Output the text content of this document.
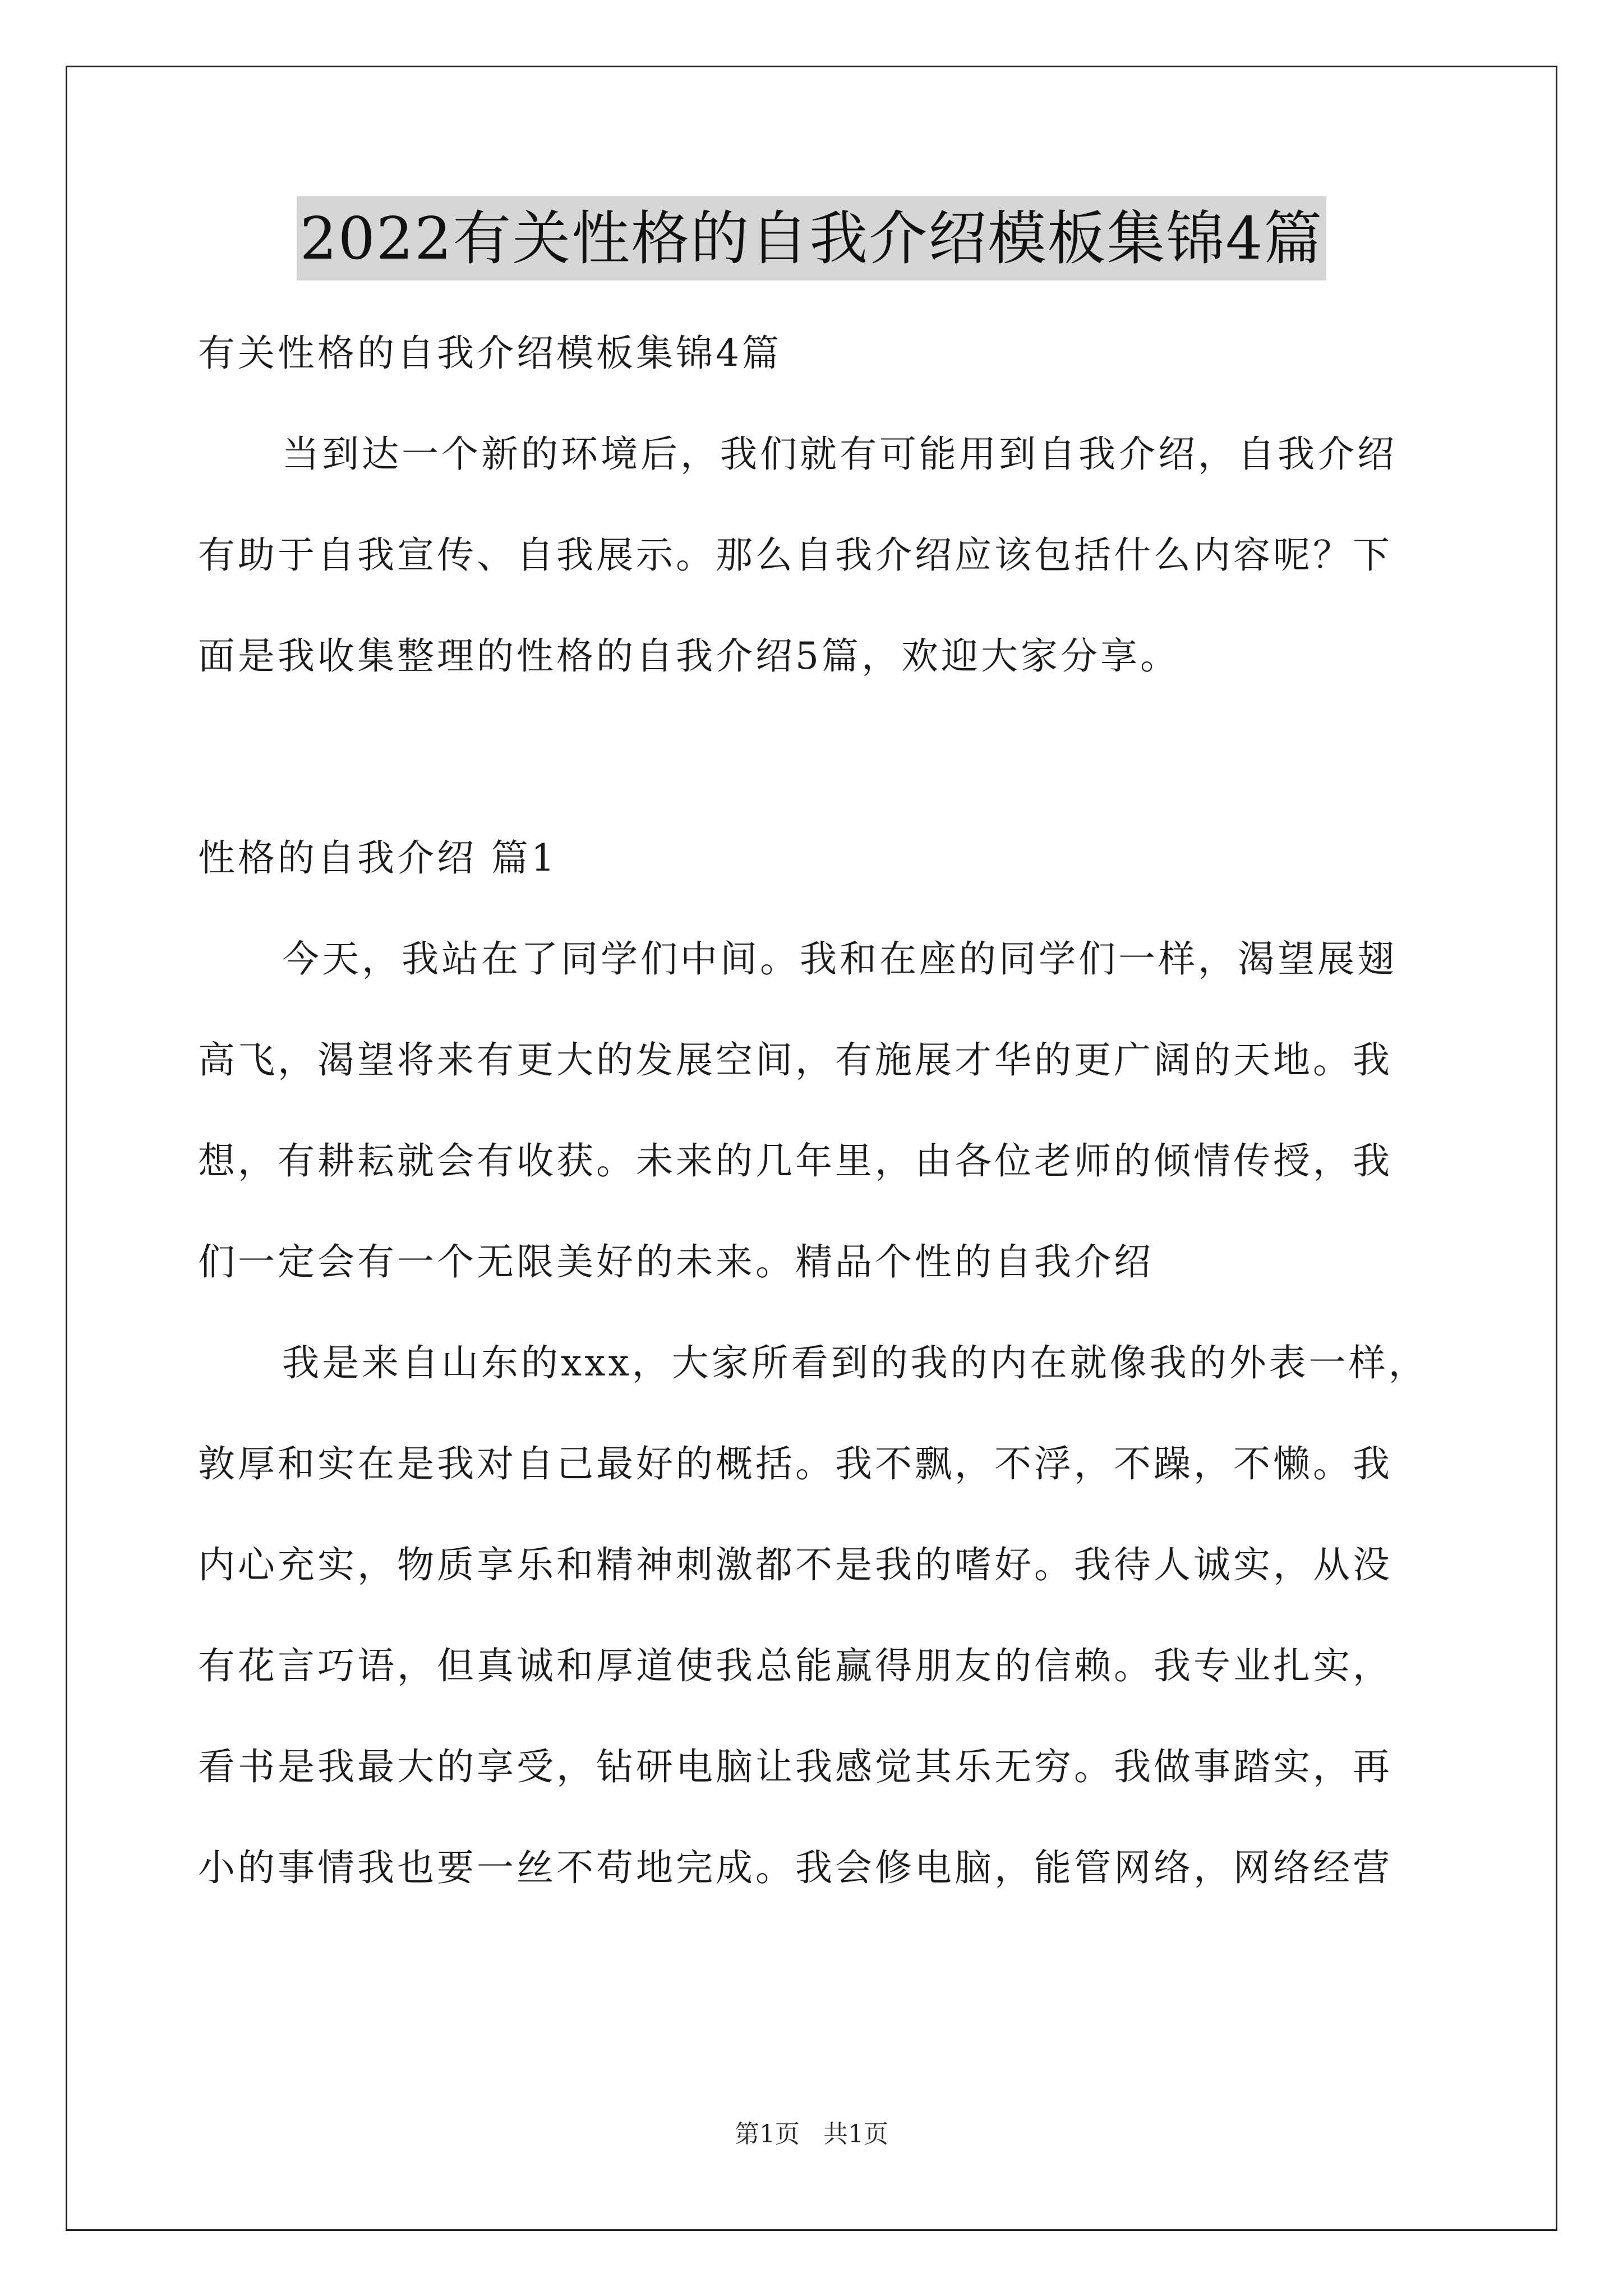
2022有关性格的自我介绍模板集锦4篇
有关性格的自我介绍模板集锦4篇
当到达一个新的环境后，我们就有可能用到自我介绍，自我介绍
有助于自我宣传、自我展示。那么自我介绍应该包括什么内容呢？下
面是我收集整理的性格的自我介绍5篇，欢迎大家分享。
性格的自我介绍 篇1
今天，我站在了同学们中间。我和在座的同学们一样，渴望展翅
高飞，渴望将来有更大的发展空间，有施展才华的更广阔的天地。我
想，有耕耘就会有收获。未来的几年里，由各位老师的倾情传授，我
们一定会有一个无限美好的未来。精品个性的自我介绍
我是来自山东的xxx，大家所看到的我的内在就像我的外表一样，
敦厚和实在是我对自己最好的概括。我不飘，不浮，不躁，不懒。我
内心充实，物质享乐和精神刺激都不是我的嗜好。我待人诚实，从没
有花言巧语，但真诚和厚道使我总能赢得朋友的信赖。我专业扎实，
看书是我最大的享受，钻研电脑让我感觉其乐无穷。我做事踏实，再
小的事情我也要一丝不苟地完成。我会修电脑，能管网络，网络经营
第1页   共1页
